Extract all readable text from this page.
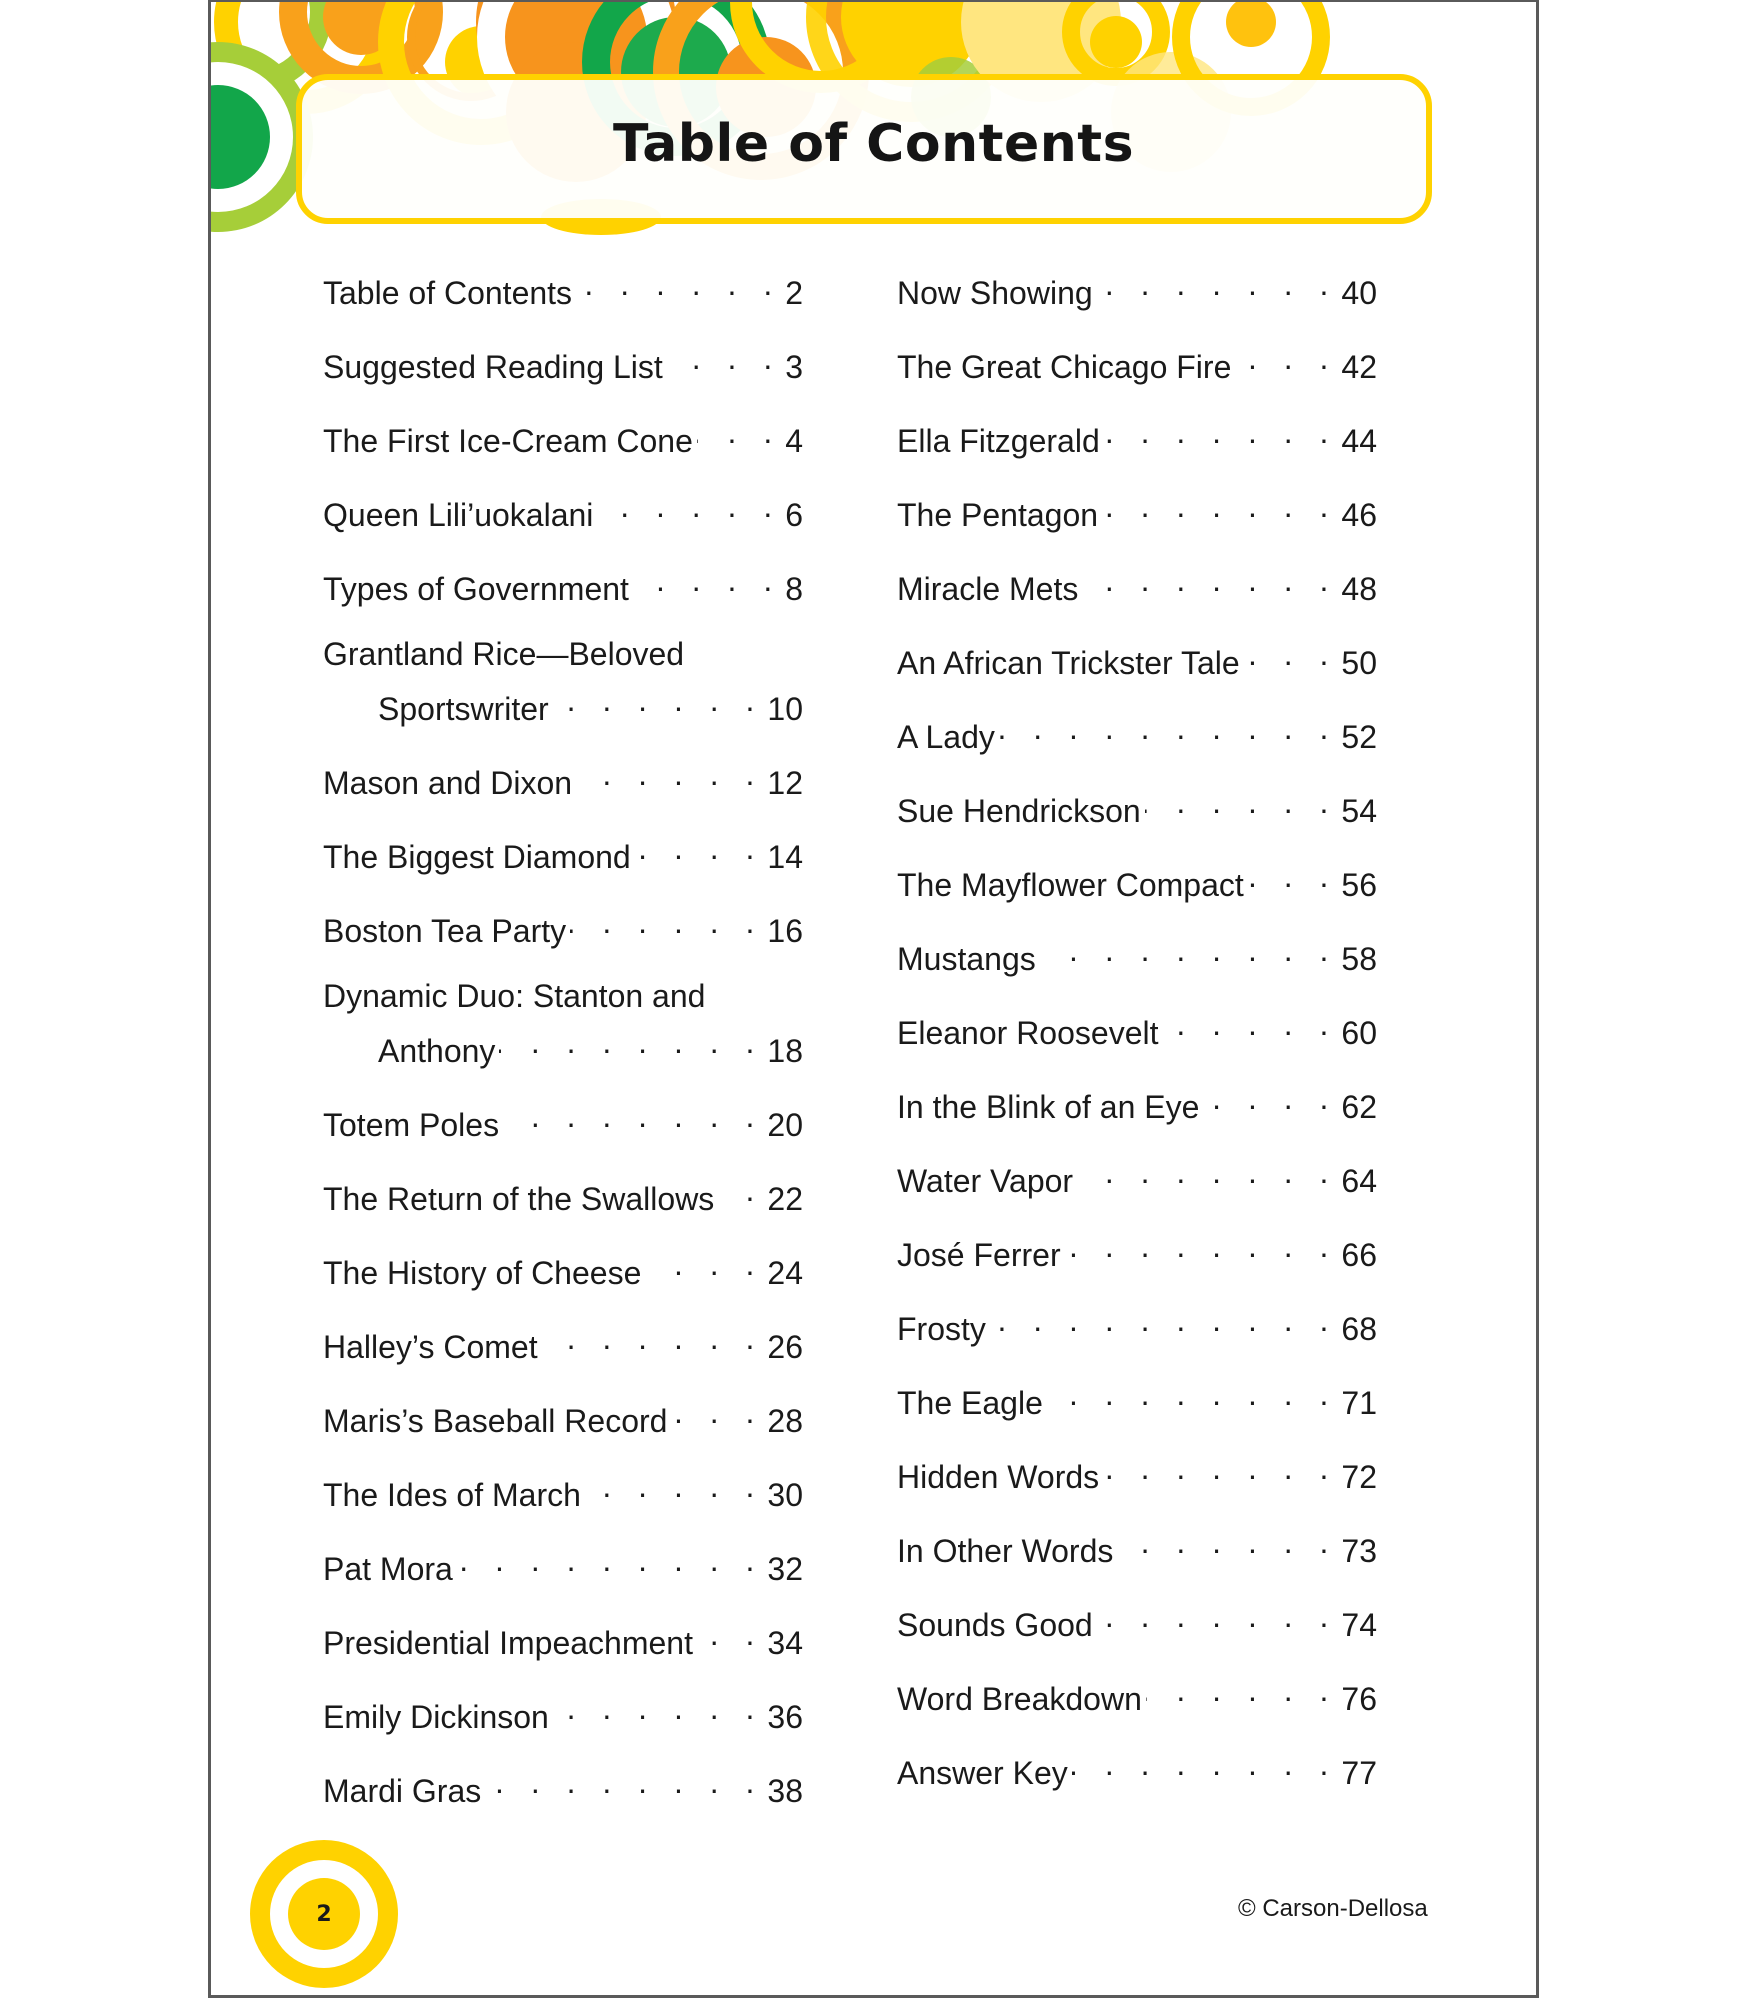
Table of Contents
Table of Contents . . .	2
Suggested Reading List . . .	3
The First Ice-Cream Cone . . .	4
Queen Lili’uokalani . . .	6
Types of Government . . .	8
Grantland Rice—Beloved
Sportswriter . . .	10
Mason and Dixon . . .	12
The Biggest Diamond . . .	14
Boston Tea Party . . .	16
Dynamic Duo: Stanton and
Anthony . . .	18
Totem Poles . . .	20
The Return of the Swallows . . . 22
The History of Cheese . . .	24
Halley’s Comet . . .	26
Maris’s Baseball Record . . .	28
The Ides of March . . .	30
Pat Mora . . .	32
Presidential Impeachment . . . 34
Emily Dickinson . . .	36
Mardi Gras . . .	38
Now Showing . . .	40
The Great Chicago Fire . . .	42
Ella Fitzgerald . . .	44
The Pentagon . . .	46
Miracle Mets . . .	48
An African Trickster Tale . . .	50
A Lady . . .	52
Sue Hendrickson . . .	54
The Mayflower Compact . . .	56
Mustangs . . .	58
Eleanor Roosevelt . . .	60
In the Blink of an Eye . . .	62
Water Vapor . . .	64
José Ferrer . . .	66
Frosty . . .	68
The Eagle . . .	71
Hidden Words . . .	72
In Other Words . . .	73
Sounds Good . . .	74
Word Breakdown . . .	76
Answer Key . . .	77
2	© Carson-Dellosa
